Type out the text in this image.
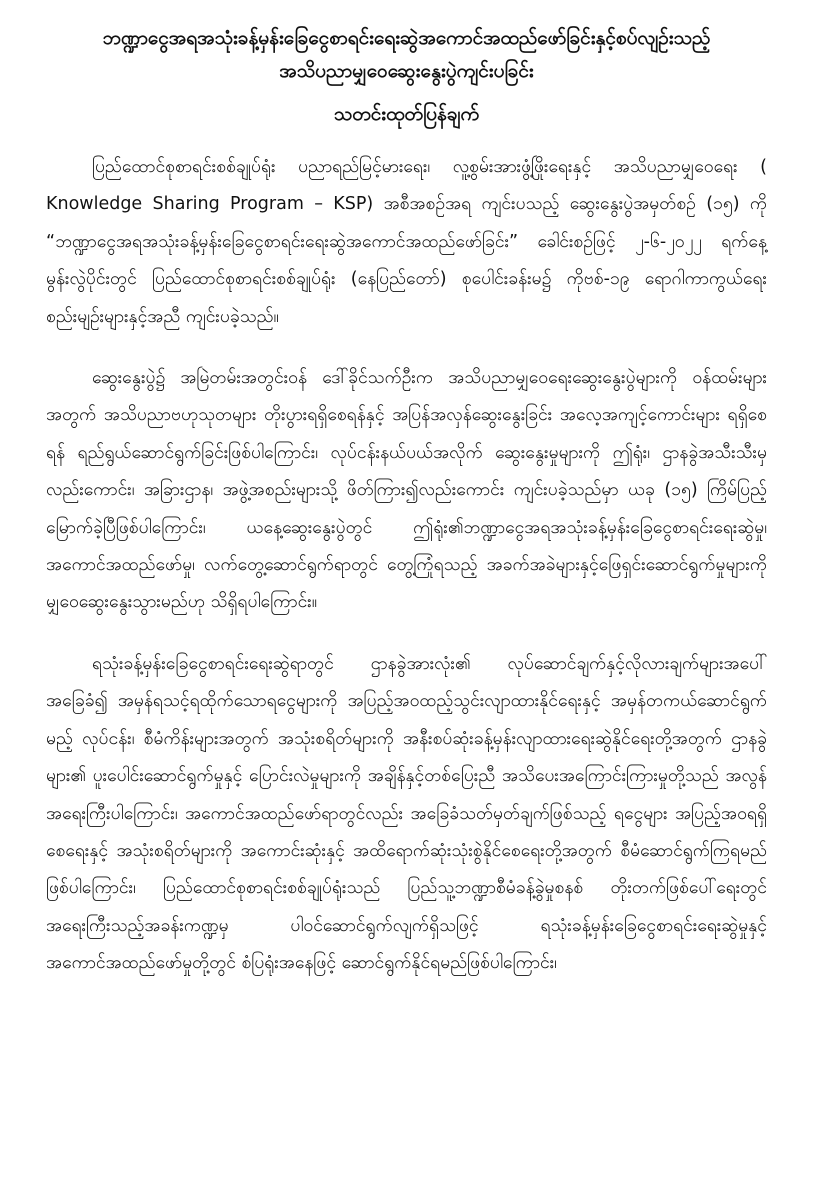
ဘဏ္ဍာငွေအရအသုံးခန့်မှန်းခြေငွေစာရင်းရေးဆွဲအကောင်အထည်ဖော်ခြင်းနှင့်စပ်လျဉ်းသည့်
အသိပညာမျှဝေဆွေးနွေးပွဲကျင်းပခြင်း
သတင်းထုတ်ပြန်ချက်

ပြည်ထောင်စုစာရင်းစစ်ချုပ်ရုံး ပညာရည်မြင့်မားရေး၊ လူ့စွမ်းအားဖွံ့ဖြိုးရေးနှင့် အသိပညာမျှဝေရေး ( Knowledge Sharing Program – KSP) အစီအစဉ်အရ ကျင်းပသည့် ဆွေးနွေးပွဲအမှတ်စဉ် (၁၅) ကို “ဘဏ္ဍာငွေအရအသုံးခန့်မှန်းခြေငွေစာရင်းရေးဆွဲအကောင်အထည်ဖော်ခြင်း” ခေါင်းစဉ်ဖြင့် ၂-၆-၂၀၂၂ ရက်နေ့ မွန်းလွဲပိုင်းတွင် ပြည်ထောင်စုစာရင်းစစ်ချုပ်ရုံး (နေပြည်တော်) စုပေါင်းခန်းမ၌ ကိုဗစ်-၁၉ ရောဂါကာကွယ်ရေးစည်းမျဉ်းများနှင့်အညီ ကျင်းပခဲ့သည်။

ဆွေးနွေးပွဲ၌ အမြဲတမ်းအတွင်းဝန် ဒေါ်ခိုင်သက်ဦးက အသိပညာမျှဝေရေးဆွေးနွေးပွဲများကို ဝန်ထမ်းများအတွက် အသိပညာဗဟုသုတများ တိုးပွားရရှိစေရန်နှင့် အပြန်အလှန်ဆွေးနွေးခြင်း အလေ့အကျင့်ကောင်းများ ရရှိစေရန် ရည်ရွယ်ဆောင်ရွက်ခြင်းဖြစ်ပါကြောင်း၊ လုပ်ငန်းနယ်ပယ်အလိုက် ဆွေးနွေးမှုများကို ဤရုံး၊ ဌာနခွဲအသီးသီးမှလည်းကောင်း၊ အခြားဌာန၊ အဖွဲ့အစည်းများသို့ ဖိတ်ကြား၍လည်းကောင်း ကျင်းပခဲ့သည်မှာ ယခု (၁၅) ကြိမ်ပြည့်မြောက်ခဲ့ပြီဖြစ်ပါကြောင်း၊ ယနေ့ဆွေးနွေးပွဲတွင် ဤရုံး၏ဘဏ္ဍာငွေအရအသုံးခန့်မှန်းခြေငွေစာရင်းရေးဆွဲမှု၊ အကောင်အထည်ဖော်မှု၊ လက်တွေ့ဆောင်ရွက်ရာတွင် တွေ့ကြုံရသည့် အခက်အခဲများနှင့်ဖြေရှင်းဆောင်ရွက်မှုများကို မျှဝေဆွေးနွေးသွားမည်ဟု သိရှိရပါကြောင်း။

ရသုံးခန့်မှန်းခြေငွေစာရင်းရေးဆွဲရာတွင် ဌာနခွဲအားလုံး၏ လုပ်ဆောင်ချက်နှင့်လိုလားချက်များအပေါ် အခြေခံ၍ အမှန်ရသင့်ရထိုက်သောရငွေများကို အပြည့်အဝထည့်သွင်းလျာထားနိုင်ရေးနှင့် အမှန်တကယ်ဆောင်ရွက်မည့် လုပ်ငန်း၊ စီမံကိန်းများအတွက် အသုံးစရိတ်များကို အနီးစပ်ဆုံးခန့်မှန်းလျာထားရေးဆွဲနိုင်ရေးတို့အတွက် ဌာနခွဲများ၏ ပူးပေါင်းဆောင်ရွက်မှုနှင့် ပြောင်းလဲမှုများကို အချိန်နှင့်တစ်ပြေးညီ အသိပေးအကြောင်းကြားမှုတို့သည် အလွန်အရေးကြီးပါကြောင်း၊ အကောင်အထည်ဖော်ရာတွင်လည်း အခြေခံသတ်မှတ်ချက်ဖြစ်သည့် ရငွေများ အပြည့်အဝရရှိစေရေးနှင့် အသုံးစရိတ်များကို အကောင်းဆုံးနှင့် အထိရောက်ဆုံးသုံးစွဲနိုင်စေရေးတို့အတွက် စီမံဆောင်ရွက်ကြရမည်ဖြစ်ပါကြောင်း၊ ပြည်ထောင်စုစာရင်းစစ်ချုပ်ရုံးသည် ပြည်သူ့ဘဏ္ဍာစီမံခန့်ခွဲမှုစနစ် တိုးတက်ဖြစ်ပေါ်ရေးတွင် အရေးကြီးသည့်အခန်းကဏ္ဍမှ ပါဝင်ဆောင်ရွက်လျက်ရှိသဖြင့် ရသုံးခန့်မှန်းခြေငွေစာရင်းရေးဆွဲမှုနှင့် အကောင်အထည်ဖော်မှုတို့တွင် စံပြရုံးအနေဖြင့် ဆောင်ရွက်နိုင်ရမည်ဖြစ်ပါကြောင်း၊
